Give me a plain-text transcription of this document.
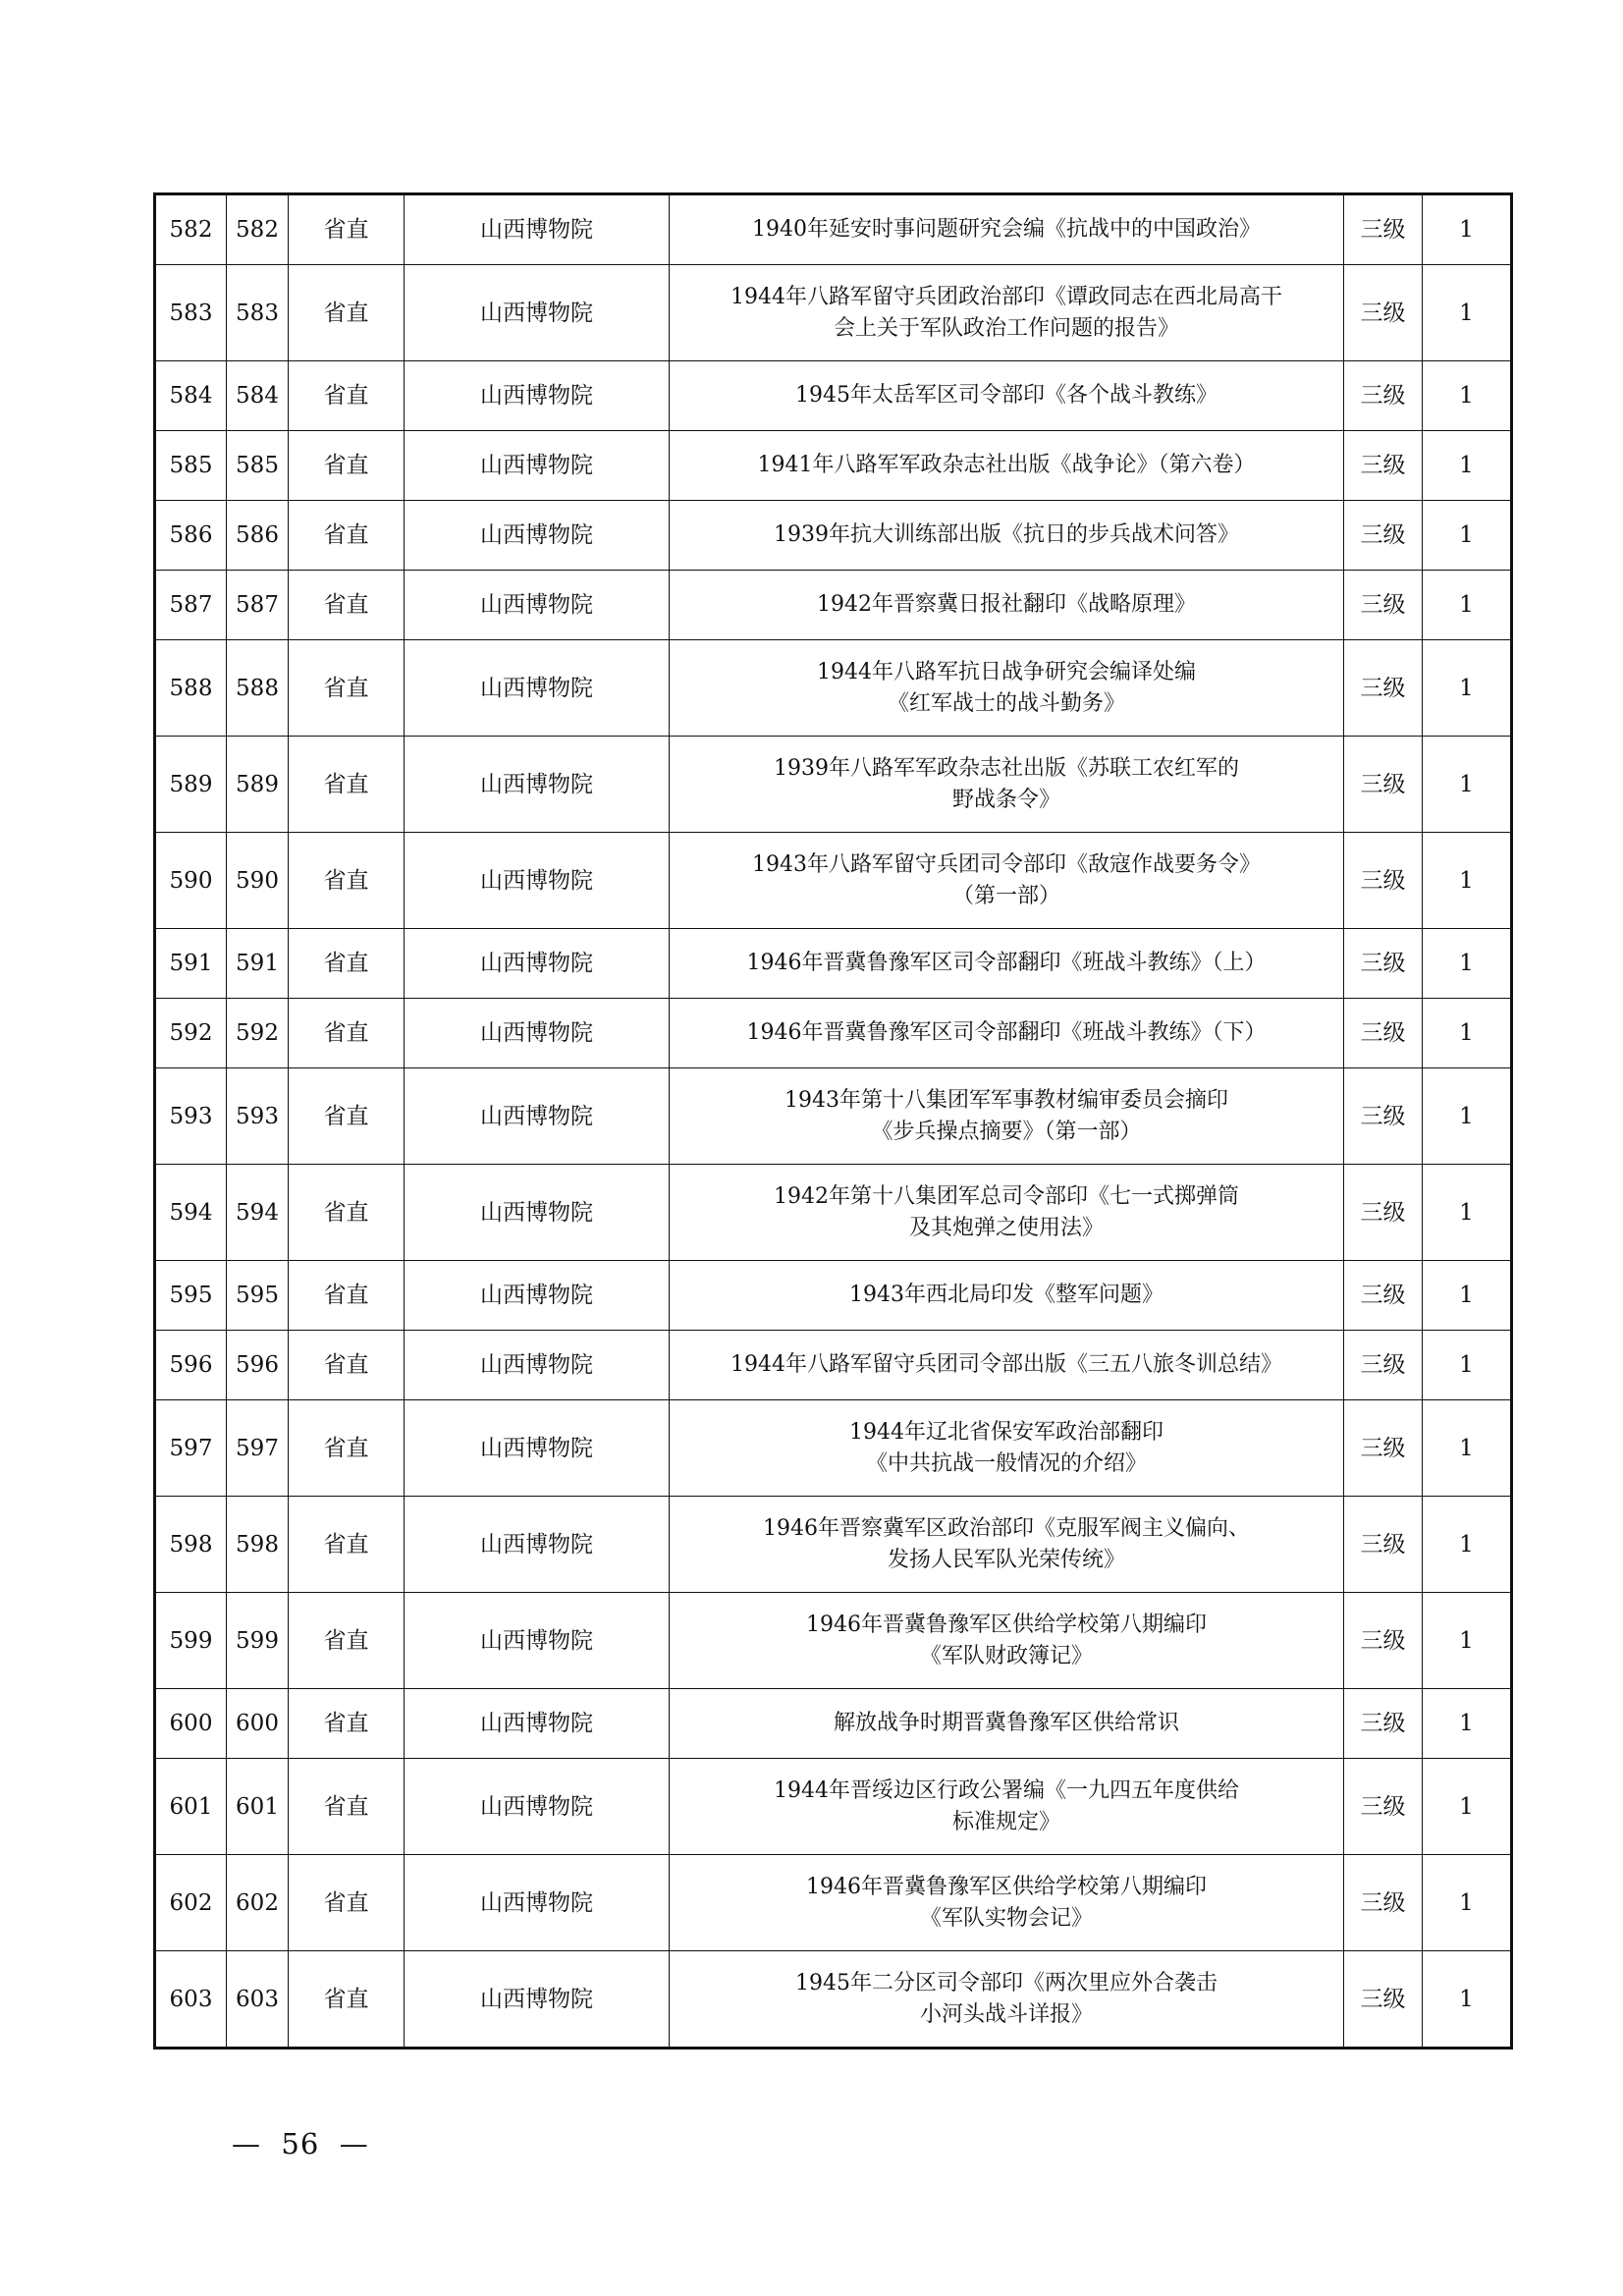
582	582	省直	山西博物院	1940年延安时事问题研究会编《抗战中的中国政治》	三级	1
583	583	省直	山西博物院	1944年八路军留守兵团政治部印《谭政同志在西北局高干
会上关于军队政治工作问题的报告》	三级	1
584	584	省直	山西博物院	1945年太岳军区司令部印《各个战斗教练》	三级	1
585	585	省直	山西博物院	1941年八路军军政杂志社出版《战争论》（第六卷）	三级	1
586	586	省直	山西博物院	1939年抗大训练部出版《抗日的步兵战术问答》	三级	1
587	587	省直	山西博物院	1942年晋察冀日报社翻印《战略原理》	三级	1
588	588	省直	山西博物院	1944年八路军抗日战争研究会编译处编
《红军战士的战斗勤务》	三级	1
589	589	省直	山西博物院	1939年八路军军政杂志社出版《苏联工农红军的
野战条令》	三级	1
590	590	省直	山西博物院	1943年八路军留守兵团司令部印《敌寇作战要务令》
（第一部）	三级	1
591	591	省直	山西博物院	1946年晋冀鲁豫军区司令部翻印《班战斗教练》（上）	三级	1
592	592	省直	山西博物院	1946年晋冀鲁豫军区司令部翻印《班战斗教练》（下）	三级	1
593	593	省直	山西博物院	1943年第十八集团军军事教材编审委员会摘印
《步兵操点摘要》（第一部）	三级	1
594	594	省直	山西博物院	1942年第十八集团军总司令部印《七一式掷弹筒
及其炮弹之使用法》	三级	1
595	595	省直	山西博物院	1943年西北局印发《整军问题》	三级	1
596	596	省直	山西博物院	1944年八路军留守兵团司令部出版《三五八旅冬训总结》	三级	1
597	597	省直	山西博物院	1944年辽北省保安军政治部翻印
《中共抗战一般情况的介绍》	三级	1
598	598	省直	山西博物院	1946年晋察冀军区政治部印《克服军阀主义偏向、
发扬人民军队光荣传统》	三级	1
599	599	省直	山西博物院	1946年晋冀鲁豫军区供给学校第八期编印
《军队财政簿记》	三级	1
600	600	省直	山西博物院	解放战争时期晋冀鲁豫军区供给常识	三级	1
601	601	省直	山西博物院	1944年晋绥边区行政公署编《一九四五年度供给
标准规定》	三级	1
602	602	省直	山西博物院	1946年晋冀鲁豫军区供给学校第八期编印
《军队实物会记》	三级	1
603	603	省直	山西博物院	1945年二分区司令部印《两次里应外合袭击
小河头战斗详报》	三级	1
—  56  —
